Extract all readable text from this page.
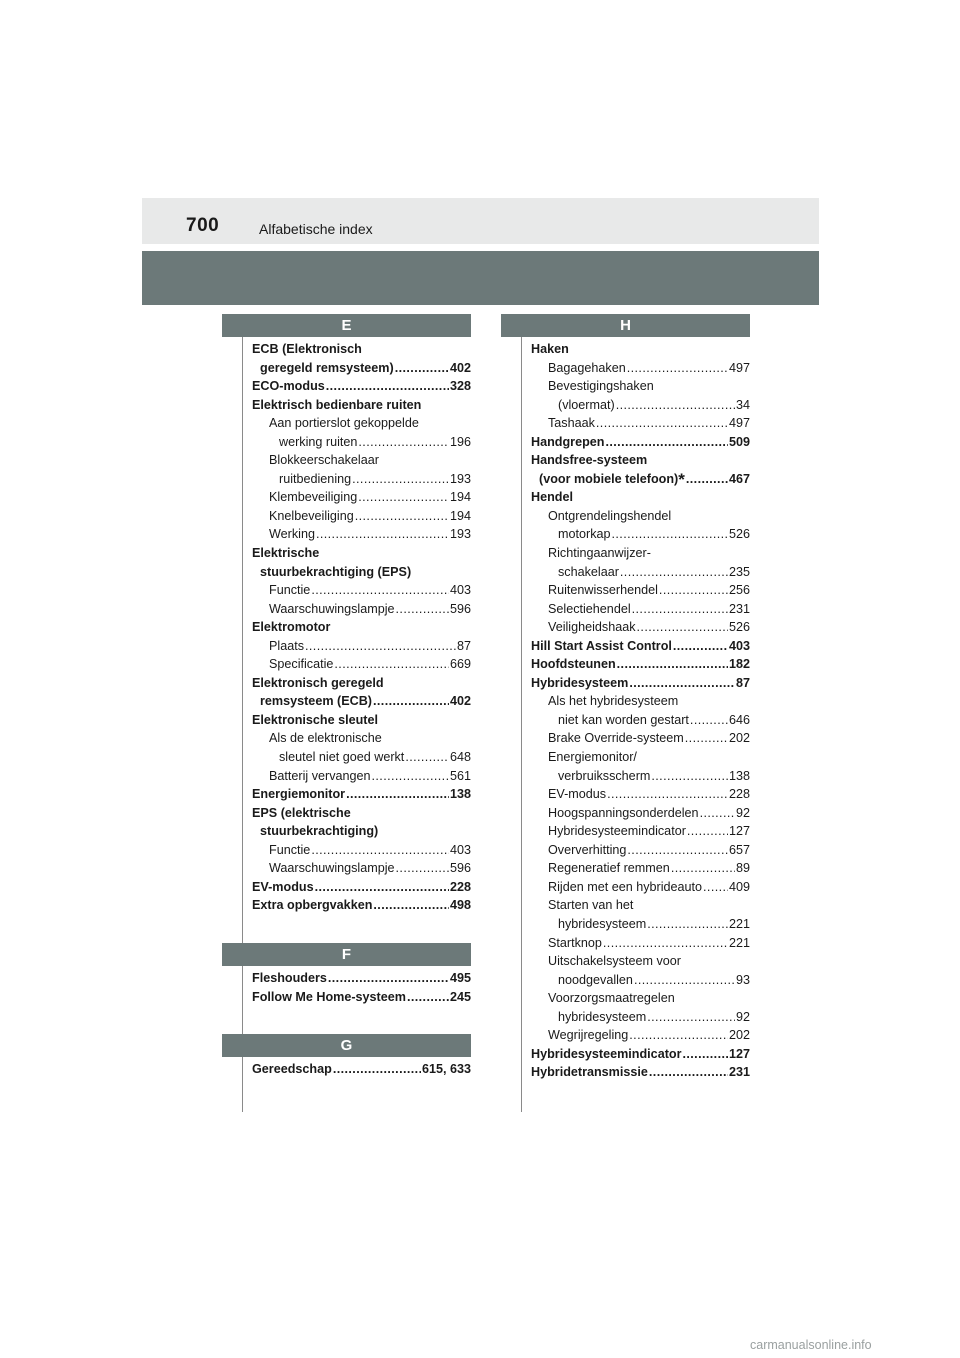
700	Alfabetische index
E
ECB (Elektronisch
geregeld remsysteem) . . .	402
ECO-modus . . .	328
Elektrisch bedienbare ruiten
Aan portierslot gekoppelde
werking ruiten . . .	196
Blokkeerschakelaar
ruitbediening . . .	193
Klembeveiliging . . .	194
Knelbeveiliging . . .	194
Werking . . .	193
Elektrische
stuurbekrachtiging (EPS)
Functie . . .	403
Waarschuwingslampje . . .	596
Elektromotor
Plaats . . .	87
Specificatie . . .	669
Elektronisch geregeld
remsysteem (ECB) . . .	402
Elektronische sleutel
Als de elektronische
sleutel niet goed werkt . . .	648
Batterij vervangen . . .	561
Energiemonitor . . .	138
EPS (elektrische
stuurbekrachtiging)
Functie . . .	403
Waarschuwingslampje . . .	596
EV-modus . . .	228
Extra opbergvakken . . .	498
F
Fleshouders . . .	495
Follow Me Home-systeem . . .	245
G
Gereedschap . . .	615, 633
H
Haken
Bagagehaken . . .	497
Bevestigingshaken
(vloermat) . . .	34
Tashaak . . .	497
Handgrepen . . .	509
Handsfree-systeem
(voor mobiele telefoon) * . . .	467
Hendel
Ontgrendelingshendel
motorkap . . .	526
Richtingaanwijzer-
schakelaar . . .	235
Ruitenwisserhendel . . .	256
Selectiehendel . . .	231
Veiligheidshaak . . .	526
Hill Start Assist Control . . .	403
Hoofdsteunen . . .	182
Hybridesysteem . . .	87
Als het hybridesysteem
niet kan worden gestart . . .	646
Brake Override-systeem . . .	202
Energiemonitor/
verbruiksscherm . . .	138
EV-modus . . .	228
Hoogspanningsonderdelen . . .	92
Hybridesysteemindicator . . .	127
Oververhitting . . .	657
Regeneratief remmen . . .	89
Rijden met een hybrideauto . . . 409
Starten van het
hybridesysteem . . .	221
Startknop . . .	221
Uitschakelsysteem voor
noodgevallen . . .	93
Voorzorgsmaatregelen
hybridesysteem . . .	92
Wegrijregeling . . .	202
Hybridesysteemindicator . . .	127
Hybridetransmissie . . .	231
carmanualsonline.info
